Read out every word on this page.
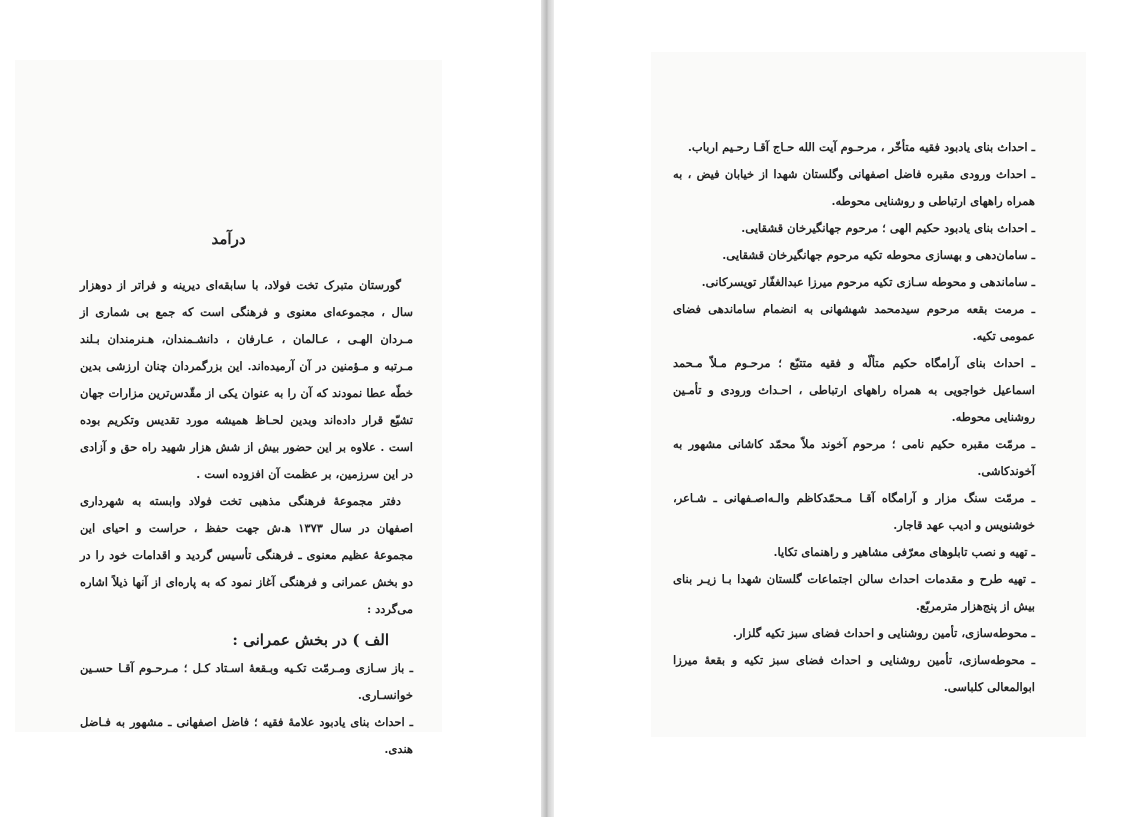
درآمد

گورستان متبرک تخت فولاد، با سابقه‌ای دیرینه و فراتر از دوهزار سال ، مجموعه‌ای معنوی و فرهنگی است که جمع بی شماری از مـردان الهـی ، عـالمان ، عـارفان ، دانشـمندان، هـنرمندان بـلند مـرتبه و مـؤمنین در آن آرمیده‌اند. این بزرگمردان چنان ارزشی بدین خطّه عطا نمودند که آن را به عنوان یکی از مقّدس‌ترین مزارات جهان تشیّع قرار داده‌اند وبدین لحـاظ همیشه مورد تقدیس وتکریم بوده است . علاوه بر این حضور بیش از شش هزار شهید راه حق و آزادی در این سرزمین، بر عظمت آن افزوده است .

دفتر مجموعهٔ فرهنگی مذهبی تخت فولاد وابسته به شهرداری اصفهان در سال ۱۳۷۳ ه‍.ش جهت حفظ ، حراست و احیای این مجموعهٔ عظیم معنوی ـ فرهنگی تأسیس گردید و اقدامات خود را در دو بخش عمرانی و فرهنگی آغاز نمود که به پاره‌ای از آنها ذیلاً اشاره می‌گردد :

الف ) در بخش عمرانی :

ـ باز سـازی ومـرمّت تکـیه وبـقعهٔ اسـتاد کـل ؛ مـرحـوم آقـا حسـین خوانسـاری.

ـ احداث بنای یادبود علامهٔ فقیه ؛ فاضل اصفهانی ـ مشهور به فـاضل هندی.

ـ احداث بنای یادبود فقیه متأخّر ، مرحـوم آیت الله حـاج آقـا رحـیم ارباب.

ـ احداث ورودی مقبره فاضل اصفهانی وگلستان شهدا از خیابان فیض ، به همراه راههای ارتباطی و روشنایی محوطه.

ـ احداث بنای یادبود حکیم الهی ؛ مرحوم جهانگیرخان قشقایی.

ـ سامان‌دهی و بهسازی محوطه تکیه مرحوم جهانگیرخان قشقایی.

ـ ساماندهی و محوطه سـازی تکیه مرحوم میرزا عبدالغفّار تویسرکانی.

ـ مرمت بقعه مرحوم سیدمحمد شهشهانی به انضمام ساماندهی فضای عمومی تکیه.

ـ احداث بنای آرامگاه حکیم متألّه و فقیه متتبّع ؛ مرحـوم مـلاّ مـحمد اسماعیل خواجویی به همراه راههای ارتباطی ، احـداث ورودی و تأمـین روشنایی محوطه.

ـ مرمّت مقبره حکیم نامی ؛ مرحوم آخوند ملاّ محمّد کاشانی مشهور به آخوندکاشی.

ـ مرمّت سنگ مزار و آرامگاه آقـا مـحمّدکاظم والـه‌اصـفهانی ـ شـاعر، خوشنویس و ادیب عهد قاجار.

ـ تهیه و نصب تابلوهای معرّفی مشاهیر و راهنمای تکایا.

ـ تهیه طرح و مقدمات احداث سالن اجتماعات گلستان شهدا بـا زیـر بنای بیش از پنج‌هزار مترمربّع.

ـ محوطه‌سازی، تأمین روشنایی و احداث فضای سبز تکیه گلزار.

ـ محوطه‌سازی، تأمین روشنایی و احداث فضای سبز تکیه و بقعهٔ میرزا ابوالمعالی کلباسی.
